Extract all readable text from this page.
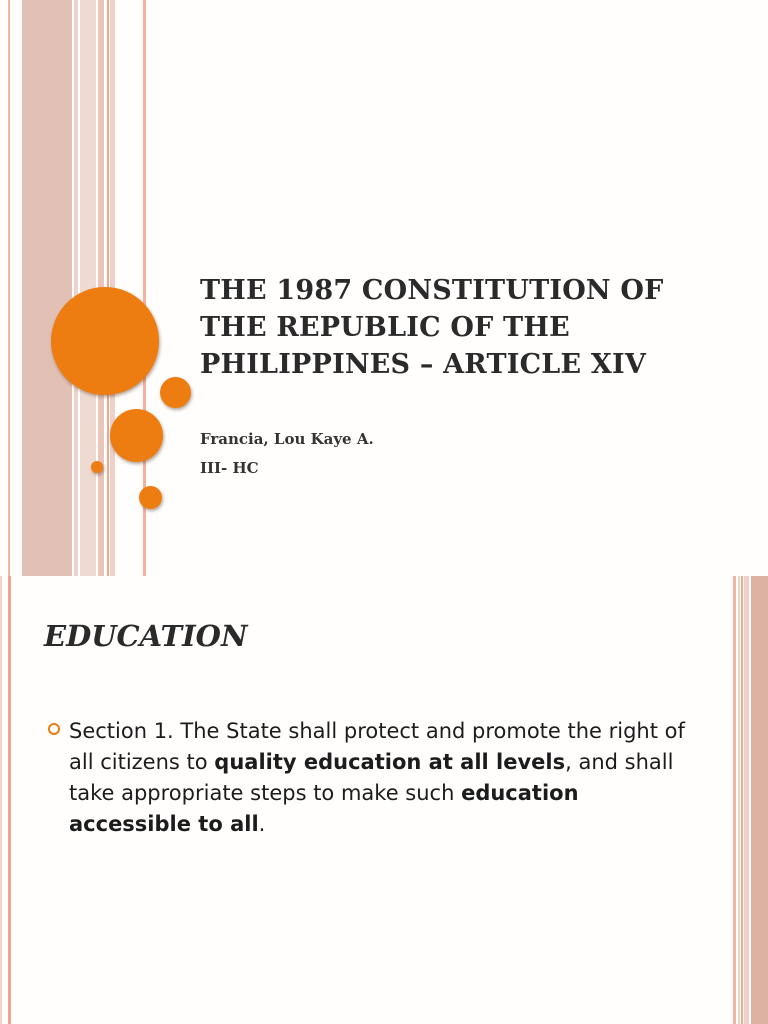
THE 1987 CONSTITUTION OF
THE REPUBLIC OF THE
PHILIPPINES – ARTICLE XIV
Francia, Lou Kaye A.
III- HC
EDUCATION
Section 1. The State shall protect and promote the right of all citizens to quality education at all levels, and shall take appropriate steps to make such education accessible to all.
